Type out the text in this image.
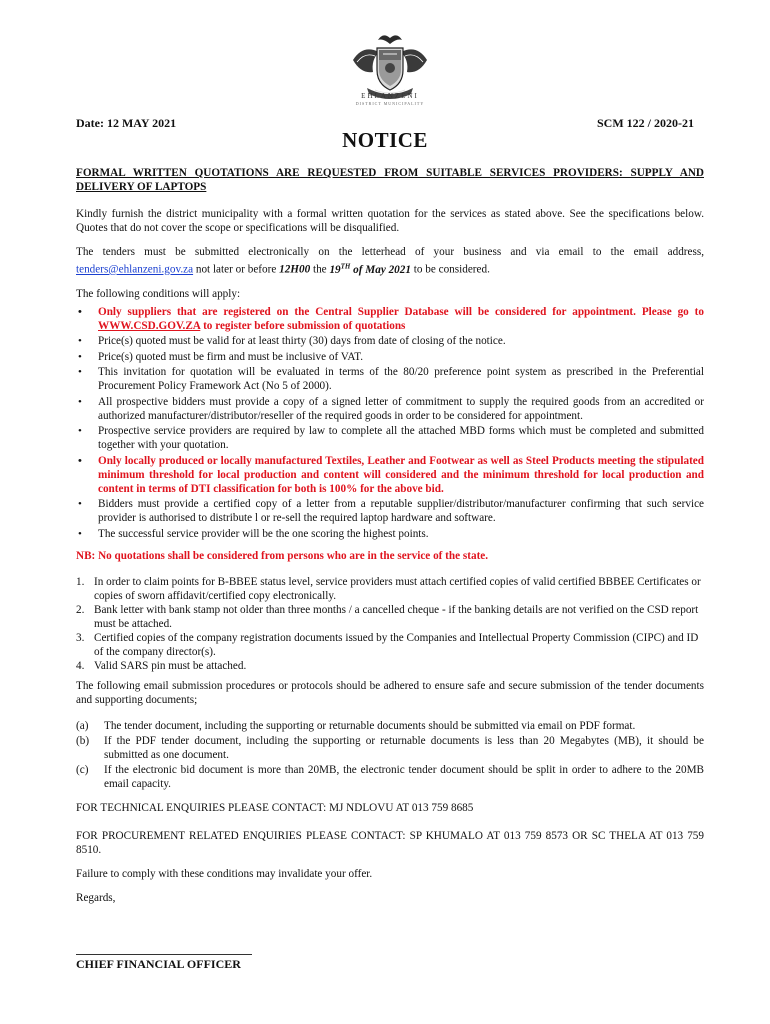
EHLANZENI
DISTRICT MUNICIPALITY
Date: 12 MAY 2021	SCM 122 / 2020-21
NOTICE

FORMAL WRITTEN QUOTATIONS ARE REQUESTED FROM SUITABLE SERVICES PROVIDERS: SUPPLY AND DELIVERY OF LAPTOPS

Kindly furnish the district municipality with a formal written quotation for the services as stated above. See the specifications below. Quotes that do not cover the scope or specifications will be disqualified.

The tenders must be submitted electronically on the letterhead of your business and via email to the email address, tenders@ehlanzeni.gov.za not later or before 12H00 the 19TH of May 2021 to be considered.

The following conditions will apply:

• Only suppliers that are registered on the Central Supplier Database will be considered for appointment. Please go to WWW.CSD.GOV.ZA to register before submission of quotations
• Price(s) quoted must be valid for at least thirty (30) days from date of closing of the notice.
• Price(s) quoted must be firm and must be inclusive of VAT.
• This invitation for quotation will be evaluated in terms of the 80/20 preference point system as prescribed in the Preferential Procurement Policy Framework Act (No 5 of 2000).
• All prospective bidders must provide a copy of a signed letter of commitment to supply the required goods from an accredited or authorized manufacturer/distributor/reseller of the required goods in order to be considered for appointment.
• Prospective service providers are required by law to complete all the attached MBD forms which must be completed and submitted together with your quotation.
• Only locally produced or locally manufactured Textiles, Leather and Footwear as well as Steel Products meeting the stipulated minimum threshold for local production and content will considered and the minimum threshold for local production and content in terms of DTI classification for both is 100% for the above bid.
• Bidders must provide a certified copy of a letter from a reputable supplier/distributor/manufacturer confirming that such service provider is authorised to distribute l or re-sell the required laptop hardware and software.
• The successful service provider will be the one scoring the highest points.

NB: No quotations shall be considered from persons who are in the service of the state.

1. In order to claim points for B-BBEE status level, service providers must attach certified copies of valid certified BBBEE Certificates or copies of sworn affidavit/certified copy electronically.
2. Bank letter with bank stamp not older than three months / a cancelled cheque - if the banking details are not verified on the CSD report must be attached.
3. Certified copies of the company registration documents issued by the Companies and Intellectual Property Commission (CIPC) and ID of the company director(s).
4. Valid SARS pin must be attached.

The following email submission procedures or protocols should be adhered to ensure safe and secure submission of the tender documents and supporting documents;

(a) The tender document, including the supporting or returnable documents should be submitted via email on PDF format.
(b) If the PDF tender document, including the supporting or returnable documents is less than 20 Megabytes (MB), it should be submitted as one document.
(c) If the electronic bid document is more than 20MB, the electronic tender document should be split in order to adhere to the 20MB email capacity.

FOR TECHNICAL ENQUIRIES PLEASE CONTACT: MJ NDLOVU AT 013 759 8685

FOR PROCUREMENT RELATED ENQUIRIES PLEASE CONTACT: SP KHUMALO AT 013 759 8573 OR SC THELA AT 013 759 8510.

Failure to comply with these conditions may invalidate your offer.

Regards,

CHIEF FINANCIAL OFFICER
